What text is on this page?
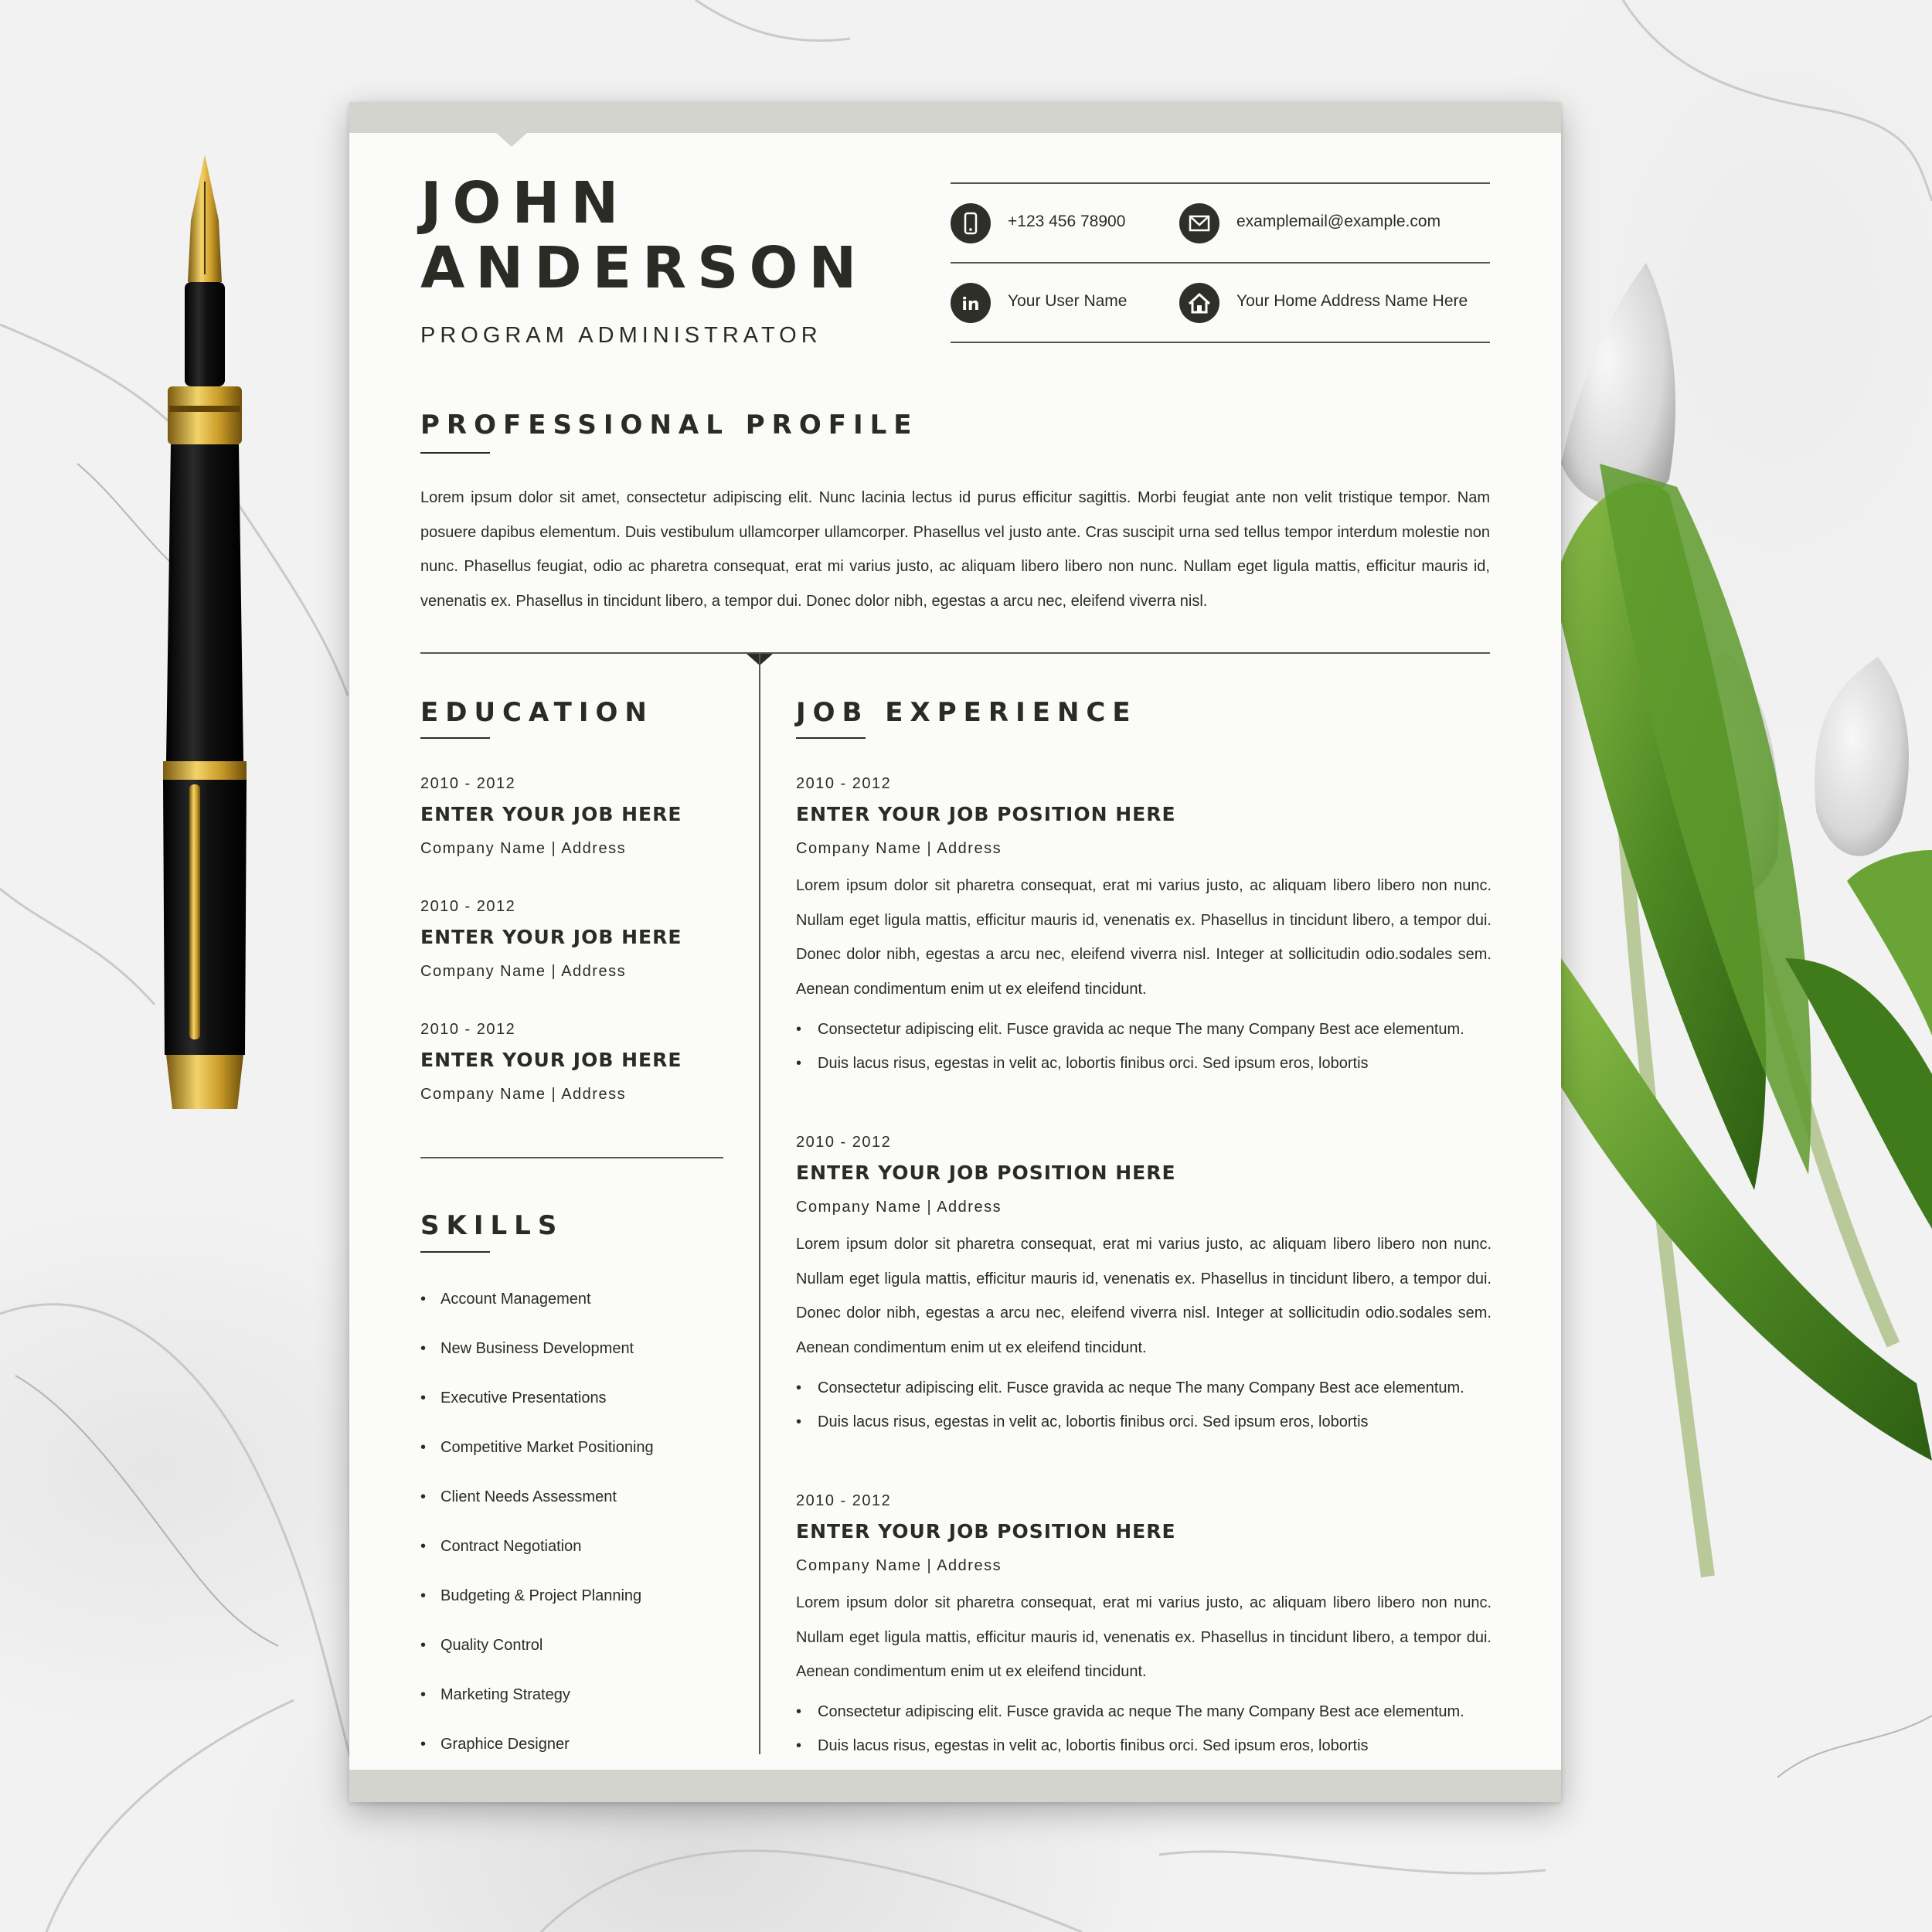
JOHN
ANDERSON
PROGRAM ADMINISTRATOR
+123 456 78900	examplemail@example.com
in Your User Name	Your Home Address Name Here
PROFESSIONAL PROFILE
Lorem ipsum dolor sit amet, consectetur adipiscing elit. Nunc lacinia lectus id purus efficitur sagittis. Morbi feugiat ante non velit tristique tempor. Nam posuere dapibus elementum. Duis vestibulum ullamcorper ullamcorper. Phasellus vel justo ante. Cras suscipit urna sed tellus tempor interdum molestie non nunc. Phasellus feugiat, odio ac pharetra consequat, erat mi varius justo, ac aliquam libero libero non nunc. Nullam eget ligula mattis, efficitur mauris id, venenatis ex. Phasellus in tincidunt libero, a tempor dui. Donec dolor nibh, egestas a arcu nec, eleifend viverra nisl.
EDUCATION
2010 - 2012
ENTER YOUR JOB HERE
Company Name | Address
2010 - 2012
ENTER YOUR JOB HERE
Company Name | Address
2010 - 2012
ENTER YOUR JOB HERE
Company Name | Address
SKILLS
• Account Management
• New Business Development
• Executive Presentations
• Competitive Market Positioning
• Client Needs Assessment
• Contract Negotiation
• Budgeting & Project Planning
• Quality Control
• Marketing Strategy
• Graphice Designer
JOB EXPERIENCE
2010 - 2012
ENTER YOUR JOB POSITION HERE
Company Name | Address
Lorem ipsum dolor sit pharetra consequat, erat mi varius justo, ac aliquam libero libero non nunc. Nullam eget ligula mattis, efficitur mauris id, venenatis ex. Phasellus in tincidunt libero, a tempor dui. Donec dolor nibh, egestas a arcu nec, eleifend viverra nisl. Integer at sollicitudin odio.sodales sem. Aenean condimentum enim ut ex eleifend tincidunt.
• Consectetur adipiscing elit. Fusce gravida ac neque The many Company Best ace elementum.
• Duis lacus risus, egestas in velit ac, lobortis finibus orci. Sed ipsum eros, lobortis
2010 - 2012
ENTER YOUR JOB POSITION HERE
Company Name | Address
Lorem ipsum dolor sit pharetra consequat, erat mi varius justo, ac aliquam libero libero non nunc. Nullam eget ligula mattis, efficitur mauris id, venenatis ex. Phasellus in tincidunt libero, a tempor dui. Donec dolor nibh, egestas a arcu nec, eleifend viverra nisl. Integer at sollicitudin odio.sodales sem. Aenean condimentum enim ut ex eleifend tincidunt.
• Consectetur adipiscing elit. Fusce gravida ac neque The many Company Best ace elementum.
• Duis lacus risus, egestas in velit ac, lobortis finibus orci. Sed ipsum eros, lobortis
2010 - 2012
ENTER YOUR JOB POSITION HERE
Company Name | Address
Lorem ipsum dolor sit pharetra consequat, erat mi varius justo, ac aliquam libero libero non nunc. Nullam eget ligula mattis, efficitur mauris id, venenatis ex. Phasellus in tincidunt libero, a tempor dui. Aenean condimentum enim ut ex eleifend tincidunt.
• Consectetur adipiscing elit. Fusce gravida ac neque The many Company Best ace elementum.
• Duis lacus risus, egestas in velit ac, lobortis finibus orci. Sed ipsum eros, lobortis
